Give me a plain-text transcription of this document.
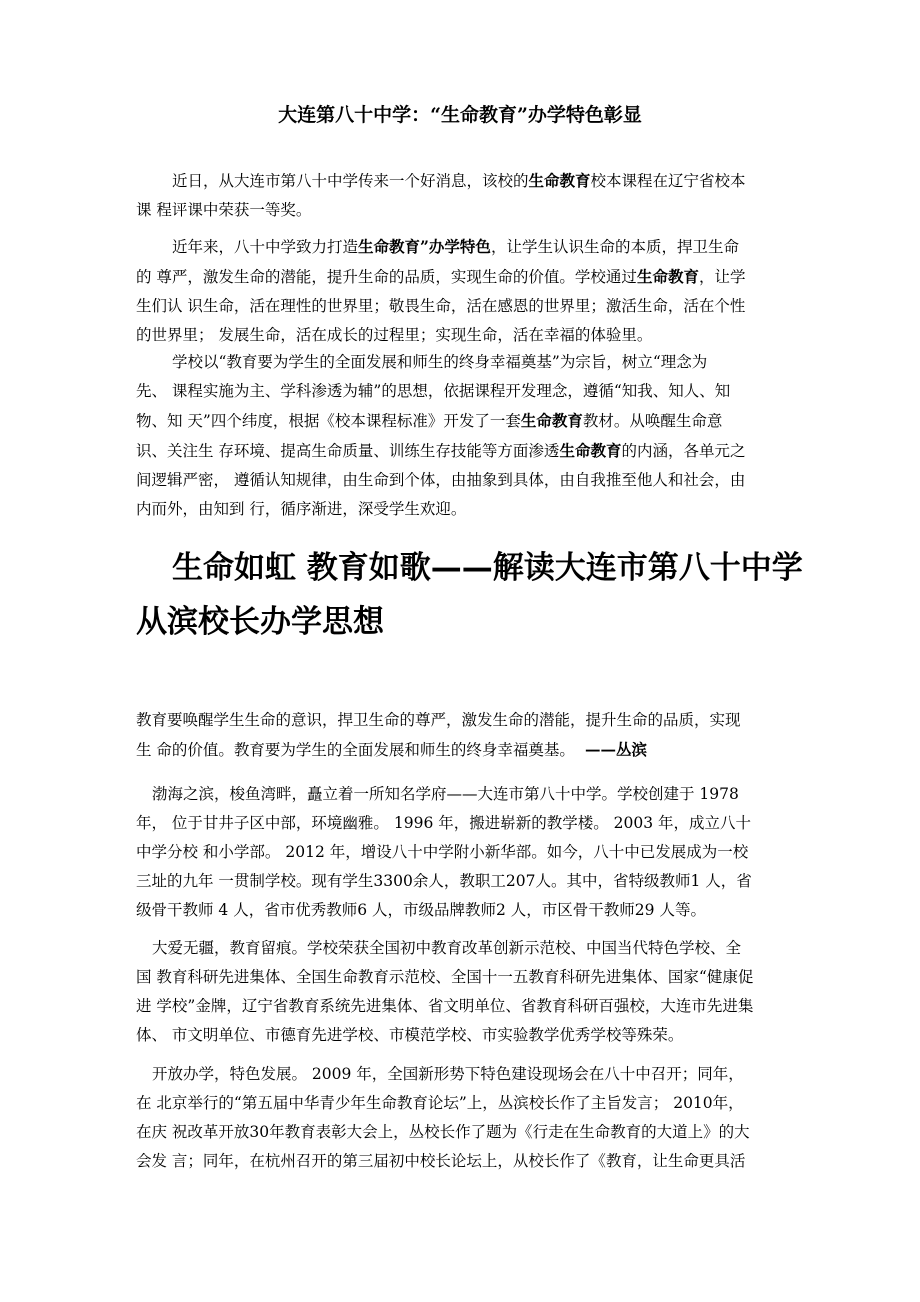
大连第八十中学：“生命教育”办学特色彰显

近日，从大连市第八十中学传来一个好消息，该校的生命教育校本课程在辽宁省校本

课 程评课中荣获一等奖。

近年来，八十中学致力打造生命教育”办学特色，让学生认识生命的本质，捍卫生命

的 尊严，激发生命的潜能，提升生命的品质，实现生命的价值。学校通过生命教育，让学

生们认 识生命，活在理性的世界里；敬畏生命，活在感恩的世界里；激活生命，活在个性

的世界里； 发展生命，活在成长的过程里；实现生命，活在幸福的体验里。

学校以“教育要为学生的全面发展和师生的终身幸福奠基”为宗旨，树立“理念为

先、 课程实施为主、学科渗透为辅”的思想，依据课程开发理念，遵循“知我、知人、知

物、知 天”四个纬度，根据《校本课程标准》开发了一套生命教育教材。从唤醒生命意

识、关注生 存环境、提高生命质量、训练生存技能等方面渗透生命教育的内涵，各单元之

间逻辑严密， 遵循认知规律，由生命到个体，由抽象到具体，由自我推至他人和社会，由

内而外，由知到 行，循序渐进，深受学生欢迎。

生命如虹 教育如歌——解读大连市第八十中学

从滨校长办学思想

教育要唤醒学生生命的意识，捍卫生命的尊严，激发生命的潜能，提升生命的品质，实现

生 命的价值。教育要为学生的全面发展和师生的终身幸福奠基。 ——丛滨

渤海之滨，梭鱼湾畔，矗立着一所知名学府——大连市第八十中学。学校创建于 1978

年， 位于甘井子区中部，环境幽雅。 1996 年，搬进崭新的教学楼。 2003 年，成立八十

中学分校 和小学部。 2012 年，增设八十中学附小新华部。如今，八十中已发展成为一校

三址的九年 一贯制学校。现有学生3300余人，教职工207人。其中，省特级教师1 人，省

级骨干教师 4 人，省市优秀教师6 人，市级品牌教师2 人，市区骨干教师29 人等。

大爱无疆，教育留痕。学校荣获全国初中教育改革创新示范校、中国当代特色学校、全

国 教育科研先进集体、全国生命教育示范校、全国十一五教育科研先进集体、国家“健康促

进 学校”金牌，辽宁省教育系统先进集体、省文明单位、省教育科研百强校，大连市先进集

体、 市文明单位、市德育先进学校、市模范学校、市实验教学优秀学校等殊荣。

开放办学，特色发展。 2009 年，全国新形势下特色建设现场会在八十中召开；同年，

在 北京举行的“第五届中华青少年生命教育论坛”上，丛滨校长作了主旨发言； 2010年，

在庆 祝改革开放30年教育表彰大会上，丛校长作了题为《行走在生命教育的大道上》的大

会发 言；同年，在杭州召开的第三届初中校长论坛上，从校长作了《教育，让生命更具活
